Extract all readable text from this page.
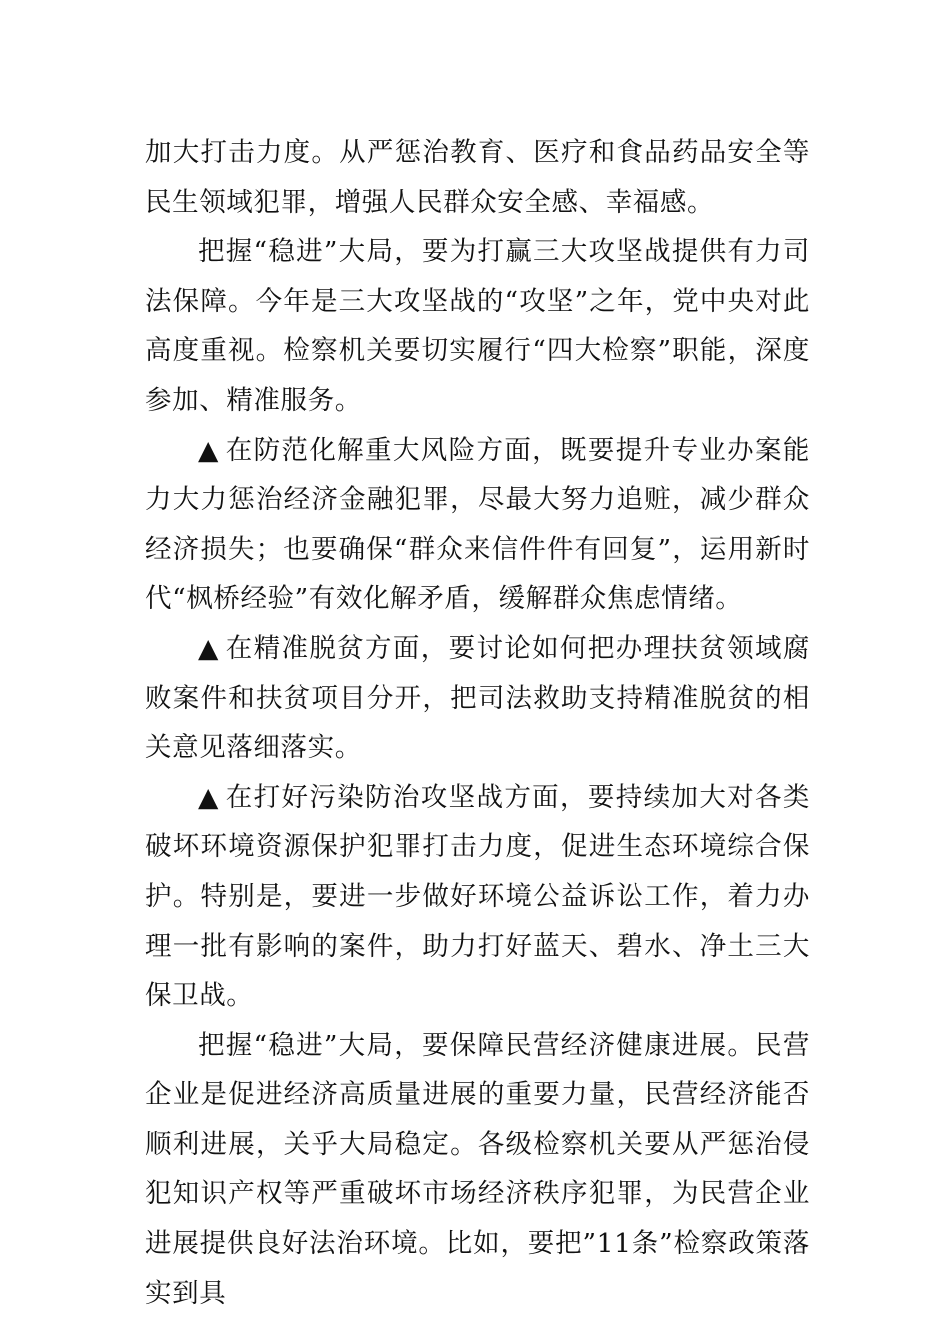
加大打击力度。从严惩治教育、医疗和食品药品安全等民生领域犯罪，增强人民群众安全感、幸福感。

把握“稳进”大局，要为打赢三大攻坚战提供有力司法保障。今年是三大攻坚战的“攻坚”之年，党中央对此高度重视。检察机关要切实履行“四大检察”职能，深度参加、精准服务。

▲ 在防范化解重大风险方面，既要提升专业办案能力大力惩治经济金融犯罪，尽最大努力追赃，减少群众经济损失；也要确保“群众来信件件有回复”，运用新时代“枫桥经验”有效化解矛盾，缓解群众焦虑情绪。

▲ 在精准脱贫方面，要讨论如何把办理扶贫领域腐败案件和扶贫项目分开，把司法救助支持精准脱贫的相关意见落细落实。

▲ 在打好污染防治攻坚战方面，要持续加大对各类破坏环境资源保护犯罪打击力度，促进生态环境综合保护。特别是，要进一步做好环境公益诉讼工作，着力办理一批有影响的案件，助力打好蓝天、碧水、净土三大保卫战。

把握“稳进”大局，要保障民营经济健康进展。民营企业是促进经济高质量进展的重要力量，民营经济能否顺利进展，关乎大局稳定。各级检察机关要从严惩治侵犯知识产权等严重破坏市场经济秩序犯罪，为民营企业进展提供良好法治环境。比如，要把”11条”检察政策落实到具
